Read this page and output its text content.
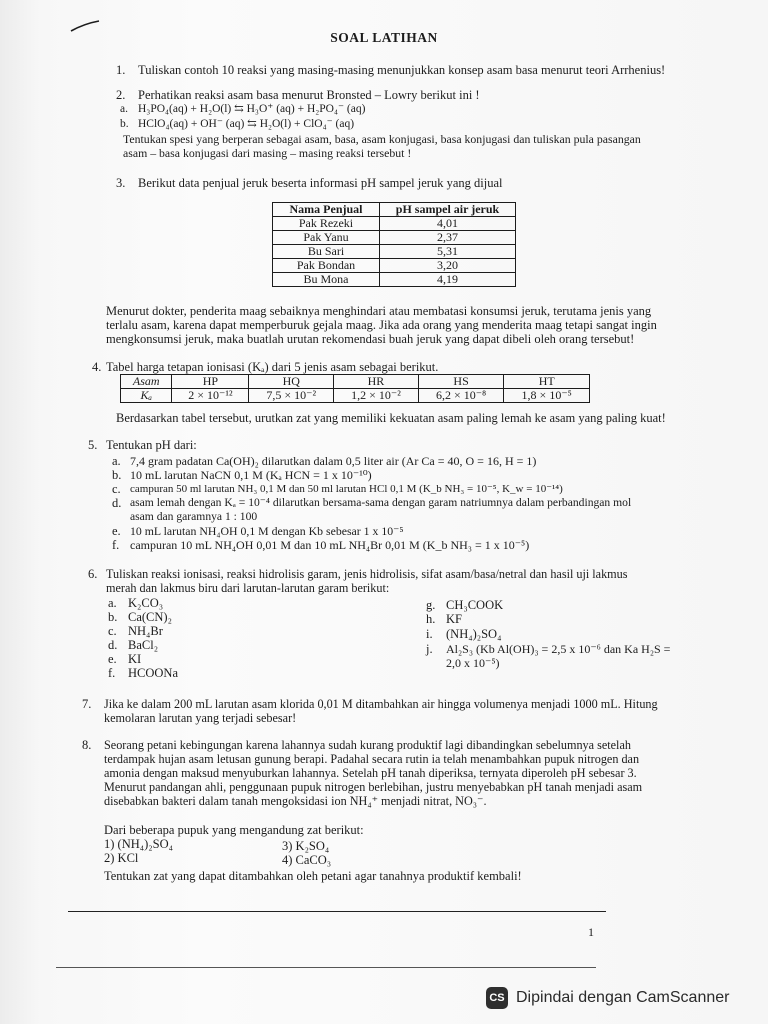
SOAL LATIHAN
1. Tuliskan contoh 10 reaksi yang masing-masing menunjukkan konsep asam basa menurut teori Arrhenius!
2. Perhatikan reaksi asam basa menurut Bronsted – Lowry berikut ini !
a. H₃PO₄(aq) + H₂O(l) ⇆ H₃O⁺ (aq) + H₂PO₄⁻ (aq)
b. HClO₄(aq) + OH⁻ (aq) ⇆ H₂O(l) + ClO₄⁻ (aq)
Tentukan spesi yang berperan sebagai asam, basa, asam konjugasi, basa konjugasi dan tuliskan pula pasangan
asam – basa konjugasi dari masing – masing reaksi tersebut !
3. Berikut data penjual jeruk beserta informasi pH sampel jeruk yang dijual
Nama Penjual	pH sampel air jeruk
Pak Rezeki	4,01
Pak Yanu	2,37
Bu Sari	5,31
Pak Bondan	3,20
Bu Mona	4,19
Menurut dokter, penderita maag sebaiknya menghindari atau membatasi konsumsi jeruk, terutama jenis yang
terlalu asam, karena dapat memperburuk gejala maag. Jika ada orang yang menderita maag tetapi sangat ingin
mengkonsumsi jeruk, maka buatlah urutan rekomendasi buah jeruk yang dapat dibeli oleh orang tersebut!
4. Tabel harga tetapan ionisasi (Kₐ) dari 5 jenis asam sebagai berikut.
Asam	HP	HQ	HR	HS	HT
Kₐ	2 × 10⁻¹²	7,5 × 10⁻²	1,2 × 10⁻²	6,2 × 10⁻⁸	1,8 × 10⁻⁵
Berdasarkan tabel tersebut, urutkan zat yang memiliki kekuatan asam paling lemah ke asam yang paling kuat!
5. Tentukan pH dari:
a. 7,4 gram padatan Ca(OH)₂ dilarutkan dalam 0,5 liter air (Ar Ca = 40, O = 16, H = 1)
b. 10 mL larutan NaCN 0,1 M (Kₐ HCN = 1 x 10⁻¹⁰)
c. campuran 50 ml larutan NH₃ 0,1 M dan 50 ml larutan HCl 0,1 M (K_b NH₃ = 10⁻⁵, K_w = 10⁻¹⁴)
d. asam lemah dengan Kₐ = 10⁻⁴ dilarutkan bersama-sama dengan garam natriumnya dalam perbandingan mol
asam dan garamnya 1 : 100
e. 10 mL larutan NH₄OH 0,1 M dengan Kb sebesar 1 x 10⁻⁵
f. campuran 10 mL NH₄OH 0,01 M dan 10 mL NH₄Br 0,01 M (K_b NH₃ = 1 x 10⁻⁵)
6. Tuliskan reaksi ionisasi, reaksi hidrolisis garam, jenis hidrolisis, sifat asam/basa/netral dan hasil uji lakmus
merah dan lakmus biru dari larutan-larutan garam berikut:
a. K₂CO₃
b. Ca(CN)₂
c. NH₄Br
d. BaCl₂
e. KI
f. HCOONa
g. CH₃COOK
h. KF
i. (NH₄)₂SO₄
j. Al₂S₃ (Kb Al(OH)₃ = 2,5 x 10⁻⁶ dan Ka H₂S =
2,0 x 10⁻⁵)
7. Jika ke dalam 200 mL larutan asam klorida 0,01 M ditambahkan air hingga volumenya menjadi 1000 mL. Hitung
kemolaran larutan yang terjadi sebesar!
8. Seorang petani kebingungan karena lahannya sudah kurang produktif lagi dibandingkan sebelumnya setelah
terdampak hujan asam letusan gunung berapi. Padahal secara rutin ia telah menambahkan pupuk nitrogen dan
amonia dengan maksud menyuburkan lahannya. Setelah pH tanah diperiksa, ternyata diperoleh pH sebesar 3.
Menurut pandangan ahli, penggunaan pupuk nitrogen berlebihan, justru menyebabkan pH tanah menjadi asam
disebabkan bakteri dalam tanah mengoksidasi ion NH₄⁺ menjadi nitrat, NO₃⁻.
Dari beberapa pupuk yang mengandung zat berikut:
1) (NH₄)₂SO₄
2) KCl
3) K₂SO₄
4) CaCO₃
Tentukan zat yang dapat ditambahkan oleh petani agar tanahnya produktif kembali!
1
CS Dipindai dengan CamScanner
